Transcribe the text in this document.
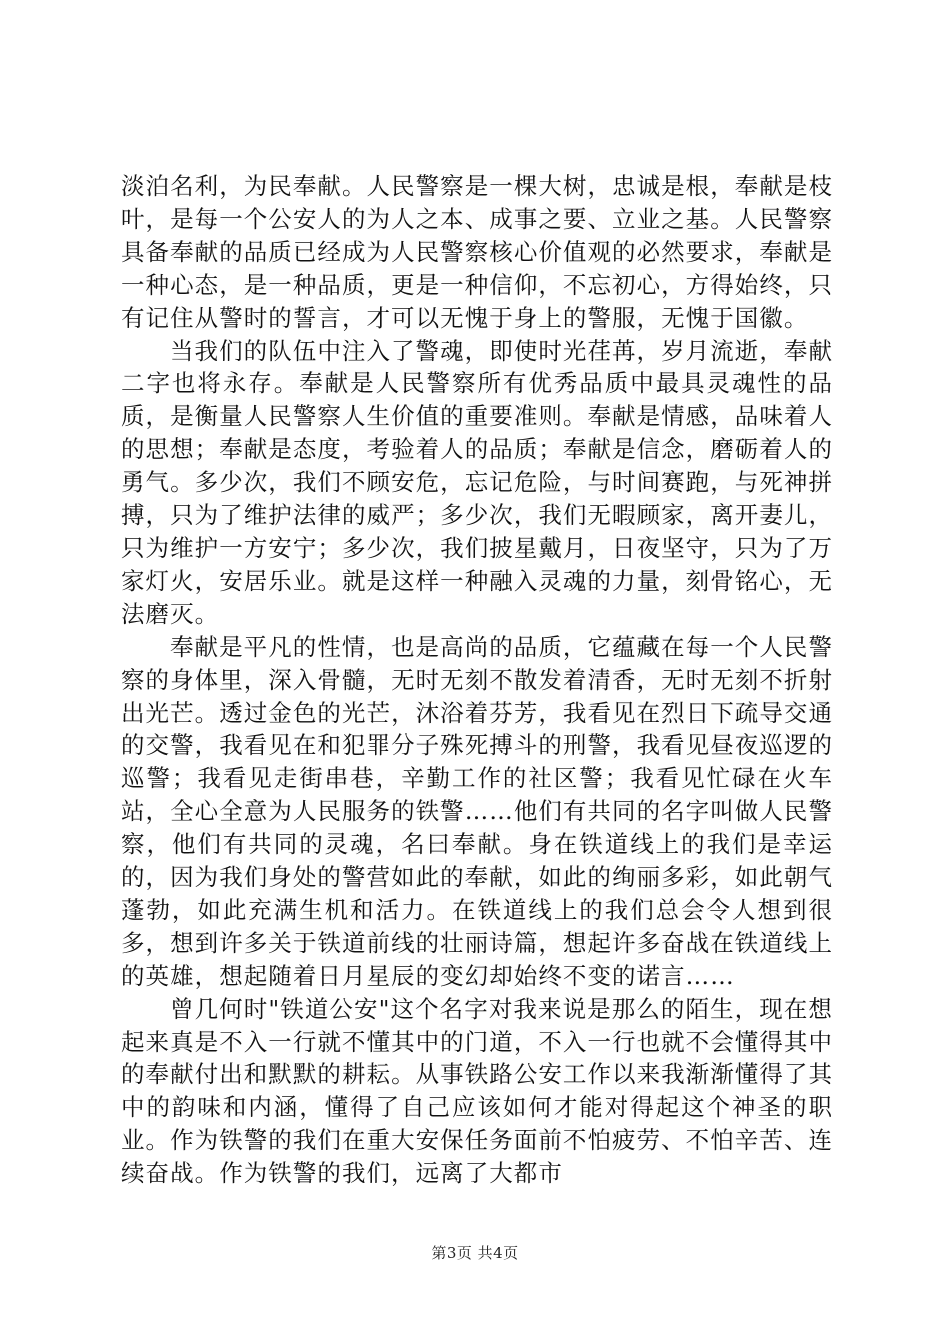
淡泊名利，为民奉献。人民警察是一棵大树，忠诚是根，奉献是枝叶，是每一个公安人的为人之本、成事之要、立业之基。人民警察具备奉献的品质已经成为人民警察核心价值观的必然要求，奉献是一种心态，是一种品质，更是一种信仰，不忘初心，方得始终，只有记住从警时的誓言，才可以无愧于身上的警服，无愧于国徽。

当我们的队伍中注入了警魂，即使时光荏苒，岁月流逝，奉献二字也将永存。奉献是人民警察所有优秀品质中最具灵魂性的品质，是衡量人民警察人生价值的重要准则。奉献是情感，品味着人的思想；奉献是态度，考验着人的品质；奉献是信念，磨砺着人的勇气。多少次，我们不顾安危，忘记危险，与时间赛跑，与死神拼搏，只为了维护法律的威严；多少次，我们无暇顾家，离开妻儿，只为维护一方安宁；多少次，我们披星戴月，日夜坚守，只为了万家灯火，安居乐业。就是这样一种融入灵魂的力量，刻骨铭心，无法磨灭。

奉献是平凡的性情，也是高尚的品质，它蕴藏在每一个人民警察的身体里，深入骨髓，无时无刻不散发着清香，无时无刻不折射出光芒。透过金色的光芒，沐浴着芬芳，我看见在烈日下疏导交通的交警，我看见在和犯罪分子殊死搏斗的刑警，我看见昼夜巡逻的巡警；我看见走街串巷，辛勤工作的社区警；我看见忙碌在火车站，全心全意为人民服务的铁警……他们有共同的名字叫做人民警察，他们有共同的灵魂，名曰奉献。身在铁道线上的我们是幸运的，因为我们身处的警营如此的奉献，如此的绚丽多彩，如此朝气蓬勃，如此充满生机和活力。在铁道线上的我们总会令人想到很多，想到许多关于铁道前线的壮丽诗篇，想起许多奋战在铁道线上的英雄，想起随着日月星辰的变幻却始终不变的诺言……

曾几何时"铁道公安"这个名字对我来说是那么的陌生，现在想起来真是不入一行就不懂其中的门道，不入一行也就不会懂得其中的奉献付出和默默的耕耘。从事铁路公安工作以来我渐渐懂得了其中的韵味和内涵，懂得了自己应该如何才能对得起这个神圣的职业。作为铁警的我们在重大安保任务面前不怕疲劳、不怕辛苦、连续奋战。作为铁警的我们，远离了大都市

第3页 共4页
